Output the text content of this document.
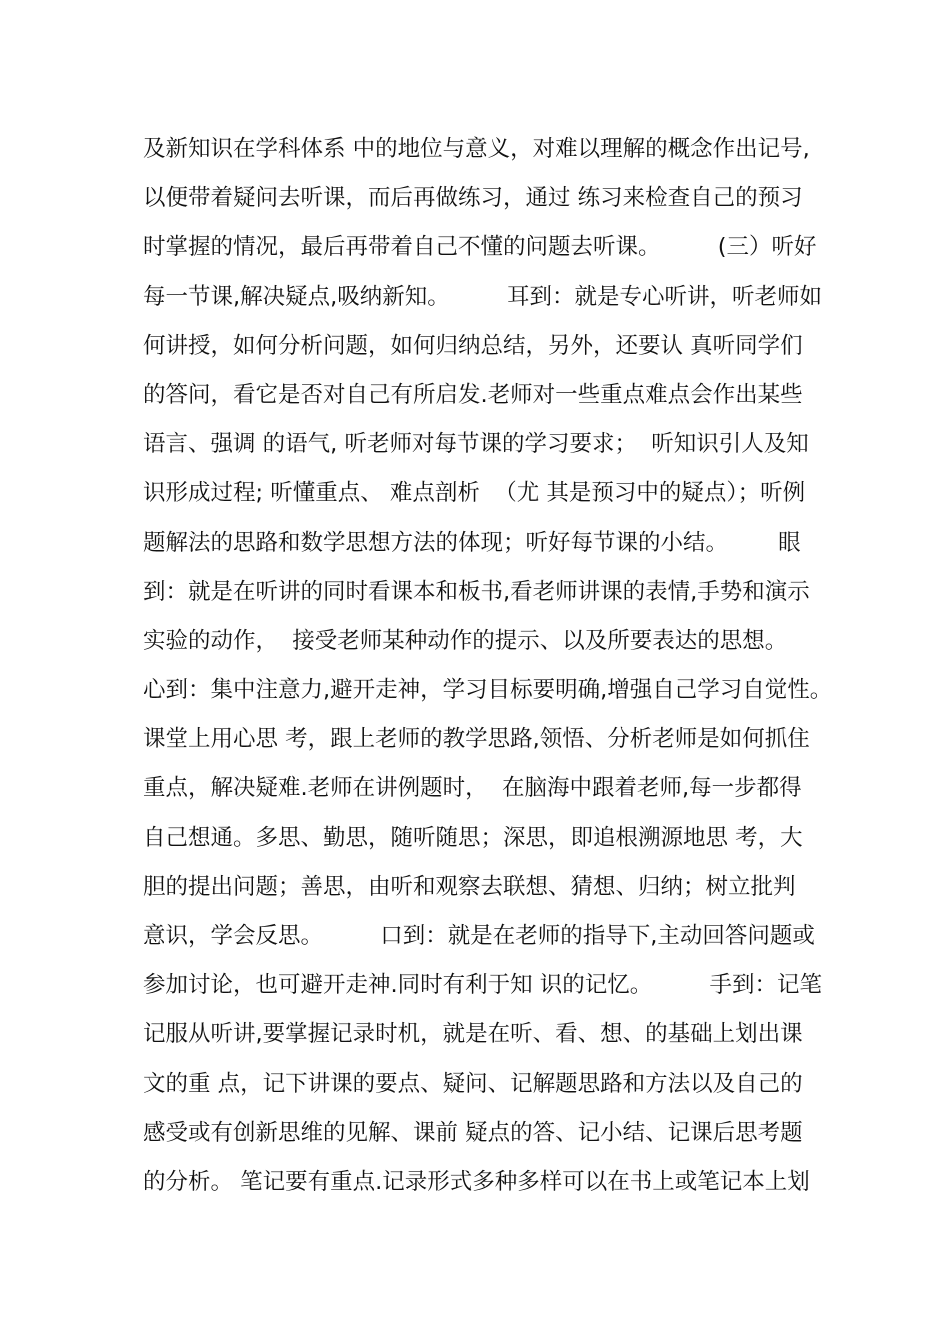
及新知识在学科体系 中的地位与意义，对难以理解的概念作出记号,
以便带着疑问去听课，而后再做练习，通过 练习来检查自己的预习
时掌握的情况，最后再带着自己不懂的问题去听课。        (三）听好
每一节课,解决疑点,吸纳新知。        耳到：就是专心听讲，听老师如
何讲授，如何分析问题，如何归纳总结，另外，还要认 真听同学们
的答问，看它是否对自己有所启发.老师对一些重点难点会作出某些
语言、强调 的语气, 听老师对每节课的学习要求；  听知识引人及知
识形成过程; 听懂重点、 难点剖析  （尤 其是预习中的疑点）；听例
题解法的思路和数学思想方法的体现；听好每节课的小结。       眼
到：就是在听讲的同时看课本和板书,看老师讲课的表情,手势和演示
实验的动作，  接受老师某种动作的提示、以及所要表达的思想。
心到：集中注意力,避开走神，学习目标要明确,增强自己学习自觉性。
课堂上用心思 考，跟上老师的教学思路,领悟、分析老师是如何抓住
重点，解决疑难.老师在讲例题时，  在脑海中跟着老师,每一步都得
自己想通。多思、勤思，随听随思；深思，即追根溯源地思 考，大
胆的提出问题；善思，由听和观察去联想、猜想、归纳；树立批判
意识，学会反思。        口到：就是在老师的指导下,主动回答问题或
参加讨论，也可避开走神.同时有利于知 识的记忆。        手到：记笔
记服从听讲,要掌握记录时机，就是在听、看、想、的基础上划出课
文的重 点，记下讲课的要点、疑问、记解题思路和方法以及自己的
感受或有创新思维的见解、课前 疑点的答、记小结、记课后思考题
的分析。 笔记要有重点.记录形式多种多样可以在书上或笔记本上划
